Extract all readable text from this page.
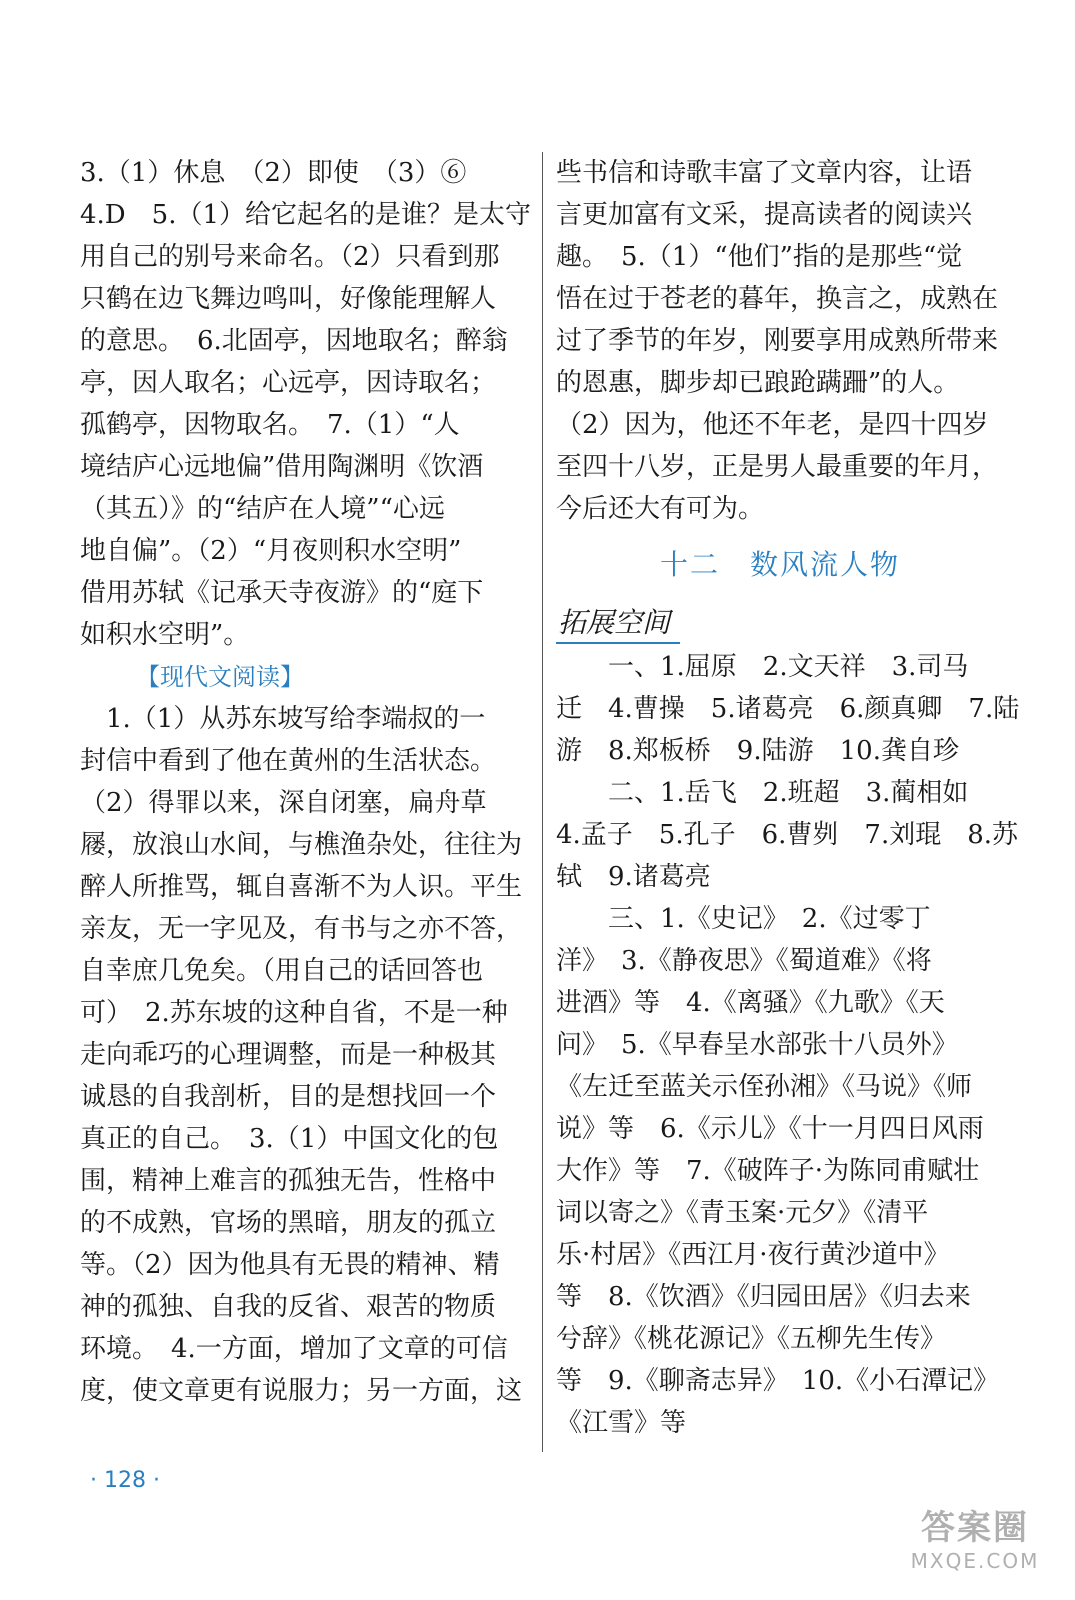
3.（1）休息　（2）即使　（3）⑥
4.D　5.（1）给它起名的是谁？是太守
用自己的别号来命名。（2）只看到那
只鹤在边飞舞边鸣叫，好像能理解人
的意思。　6.北固亭，因地取名；醉翁
亭，因人取名；心远亭，因诗取名；
孤鹤亭，因物取名。　7.（1）“人
境结庐心远地偏”借用陶渊明《饮酒
（其五）》的“结庐在人境”“心远
地自偏”。（2）“月夜则积水空明”
借用苏轼《记承天寺夜游》的“庭下
如积水空明”。
【现代文阅读】
　1.（1）从苏东坡写给李端叔的一
封信中看到了他在黄州的生活状态。
（2）得罪以来，深自闭塞，扁舟草
屦，放浪山水间，与樵渔杂处，往往为
醉人所推骂，辄自喜渐不为人识。平生
亲友，无一字见及，有书与之亦不答，
自幸庶几免矣。（用自己的话回答也
可）　2.苏东坡的这种自省，不是一种
走向乖巧的心理调整，而是一种极其
诚恳的自我剖析，目的是想找回一个
真正的自己。　3.（1）中国文化的包
围，精神上难言的孤独无告，性格中
的不成熟，官场的黑暗，朋友的孤立
等。（2）因为他具有无畏的精神、精
神的孤独、自我的反省、艰苦的物质
环境。　4.一方面，增加了文章的可信
度，使文章更有说服力；另一方面，这
些书信和诗歌丰富了文章内容，让语
言更加富有文采，提高读者的阅读兴
趣。　5.（1）“他们”指的是那些“觉
悟在过于苍老的暮年，换言之，成熟在
过了季节的年岁，刚要享用成熟所带来
的恩惠，脚步却已踉跄蹒跚”的人。
（2）因为，他还不年老，是四十四岁
至四十八岁，正是男人最重要的年月，
今后还大有可为。
十二　数风流人物
拓展空间
　　一、1.屈原　2.文天祥　3.司马
迁　4.曹操　5.诸葛亮　6.颜真卿　7.陆
游　8.郑板桥　9.陆游　10.龚自珍
　　二、1.岳飞　2.班超　3.蔺相如
4.孟子　5.孔子　6.曹刿　7.刘琨　8.苏
轼　9.诸葛亮
　　三、1.《史记》　2.《过零丁
洋》　3.《静夜思》《蜀道难》《将
进酒》等　4.《离骚》《九歌》《天
问》　5.《早春呈水部张十八员外》
《左迁至蓝关示侄孙湘》《马说》《师
说》等　6.《示儿》《十一月四日风雨
大作》等　7.《破阵子·为陈同甫赋壮
词以寄之》《青玉案·元夕》《清平
乐·村居》《西江月·夜行黄沙道中》
等　8.《饮酒》《归园田居》《归去来
兮辞》《桃花源记》《五柳先生传》
等　9.《聊斋志异》　10.《小石潭记》
《江雪》等
· 128 ·
答案圈
MXQE.COM
